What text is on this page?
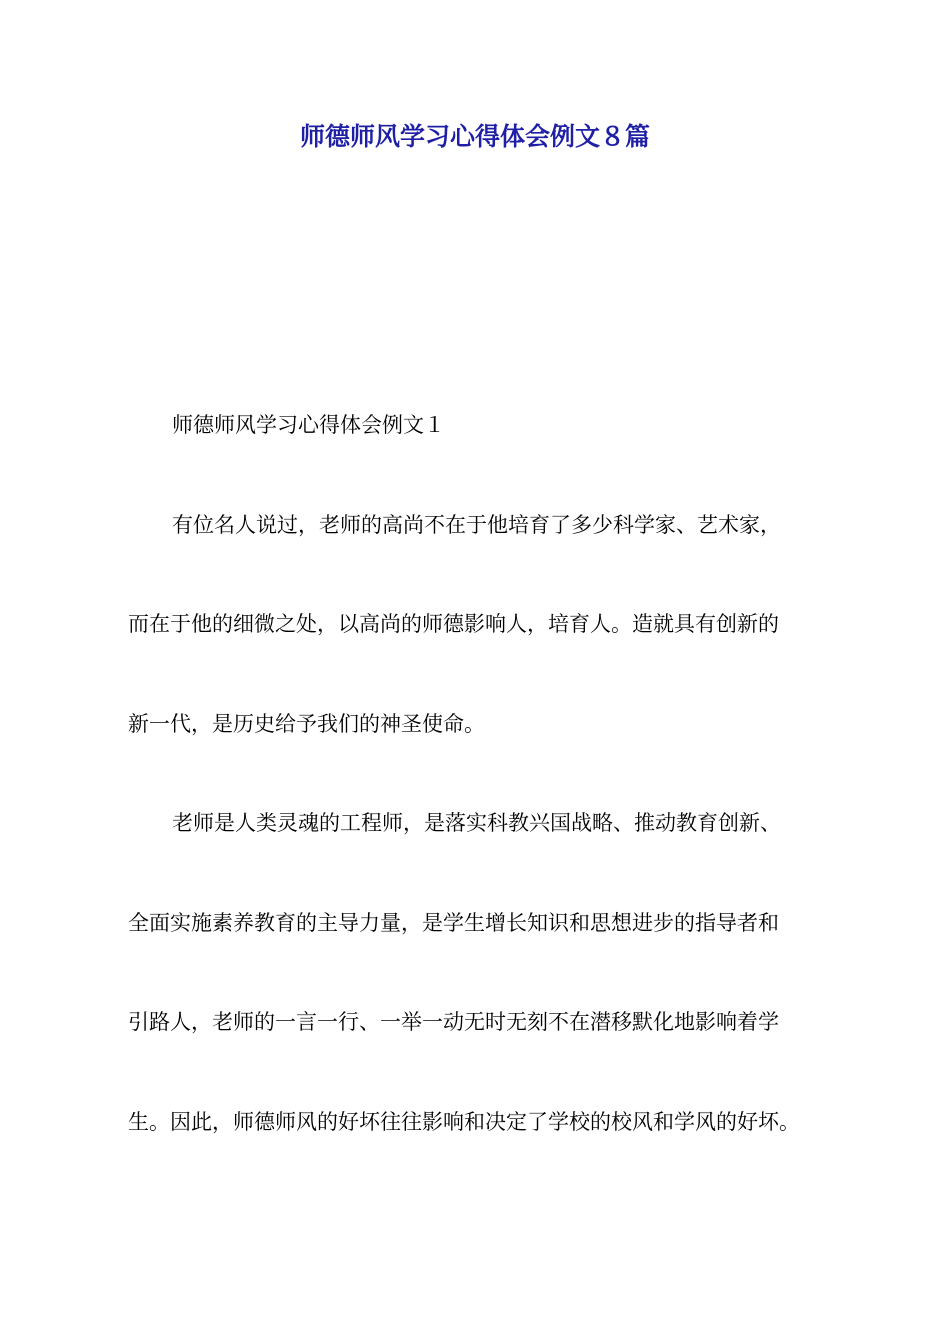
师德师风学习心得体会例文８篇
师德师风学习心得体会例文１
有位名人说过，老师的高尚不在于他培育了多少科学家、艺术家，
而在于他的细微之处，以高尚的师德影响人，培育人。造就具有创新的
新一代，是历史给予我们的神圣使命。
老师是人类灵魂的工程师，是落实科教兴国战略、推动教育创新、
全面实施素养教育的主导力量，是学生增长知识和思想进步的指导者和
引路人，老师的一言一行、一举一动无时无刻不在潜移默化地影响着学
生。因此，师德师风的好坏往往影响和决定了学校的校风和学风的好坏。
